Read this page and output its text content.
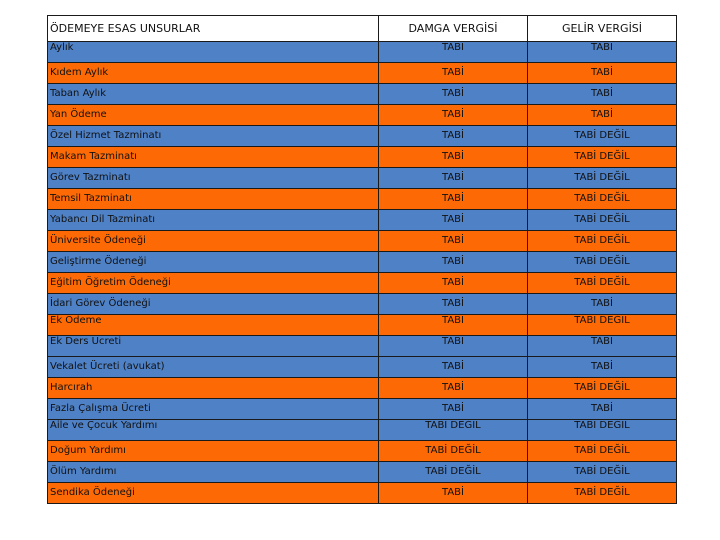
ÖDEMEYE ESAS UNSURLAR	DAMGA VERGİSİ	GELİR VERGİSİ
Aylık	TABİ	TABİ
Kıdem Aylık	TABİ	TABİ
Taban Aylık	TABİ	TABİ
Yan Ödeme	TABİ	TABİ
Özel Hizmet Tazminatı	TABİ	TABİ DEĞİL
Makam Tazminatı	TABİ	TABİ DEĞİL
Görev Tazminatı	TABİ	TABİ DEĞİL
Temsil Tazminatı	TABİ	TABİ DEĞİL
Yabancı Dil Tazminatı	TABİ	TABİ DEĞİL
Üniversite Ödeneği	TABİ	TABİ DEĞİL
Geliştirme Ödeneği	TABİ	TABİ DEĞİL
Eğitim Öğretim Ödeneği	TABİ	TABİ DEĞİL
İdari Görev Ödeneği	TABİ	TABİ
Ek Ödeme	TABİ	TABİ DEĞİL
Ek Ders Ücreti	TABİ	TABİ
Vekalet Ücreti (avukat)	TABİ	TABİ
Harcırah	TABİ	TABİ DEĞİL
Fazla Çalışma Ücreti	TABİ	TABİ
Aile ve Çocuk Yardımı	TABİ DEĞİL	TABİ DEĞİL
Doğum Yardımı	TABİ DEĞİL	TABİ DEĞİL
Ölüm Yardımı	TABİ DEĞİL	TABİ DEĞİL
Sendika Ödeneği	TABİ	TABİ DEĞİL
